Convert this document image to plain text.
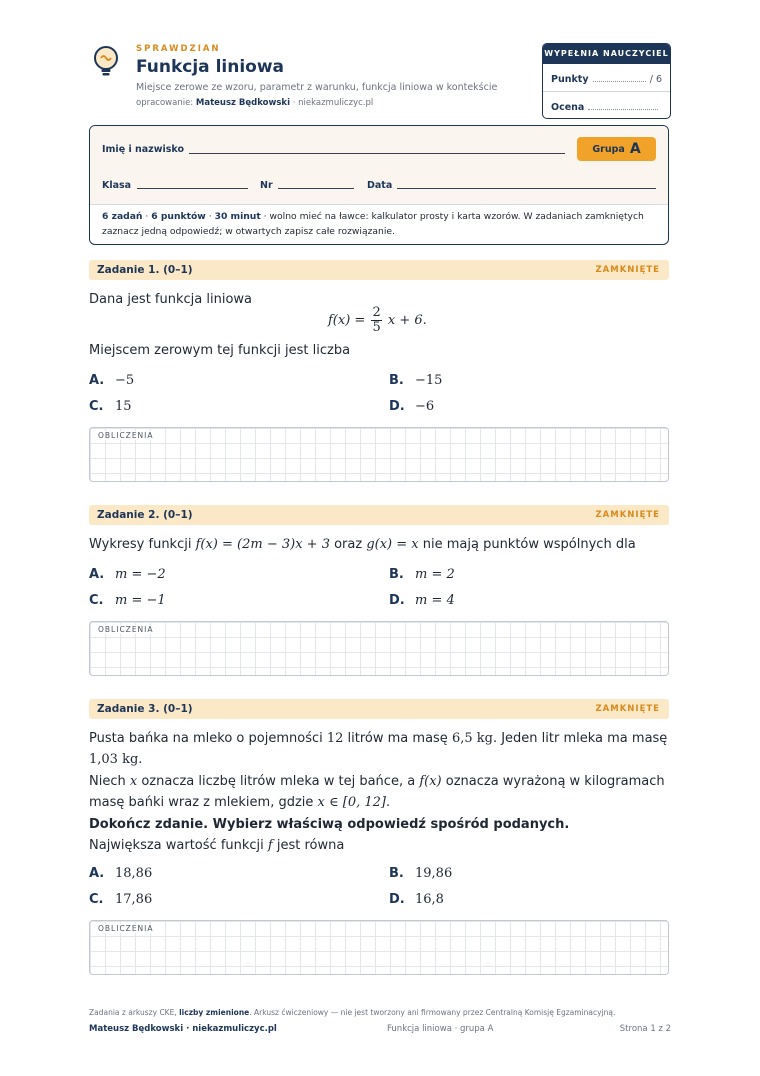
SPRAWDZIAN
Funkcja liniowa
Miejsce zerowe ze wzoru, parametr z warunku, funkcja liniowa w kontekście
opracowanie: Mateusz Będkowski · niekazmuliczyc.pl
WYPEŁNIA NAUCZYCIEL
Punkty	/ 6
Ocena
Imię i nazwisko	Grupa A
Klasa	Nr	Data
6 zadań · 6 punktów · 30 minut · wolno mieć na ławce: kalkulator prosty i karta wzorów. W zadaniach zamkniętych
zaznacz jedną odpowiedź; w otwartych zapisz całe rozwiązanie.
Zadanie 1. (0–1)	ZAMKNIĘTE
Dana jest funkcja liniowa
$f(x) = \frac{2}{5}$ x + 6.
Miejscem zerowym tej funkcji jest liczba
A. −5	B. −15
C. 15	D. −6
OBLICZENIA
Zadanie 2. (0–1)	ZAMKNIĘTE
Wykresy funkcji f(x) = (2m − 3)x + 3 oraz g(x) = x nie mają punktów wspólnych dla
A. m = −2	B. m = 2
C. m = −1	D. m = 4
OBLICZENIA
Zadanie 3. (0–1)	ZAMKNIĘTE
Pusta bańka na mleko o pojemności 12 litrów ma masę 6,5 kg. Jeden litr mleka ma masę
1,03 kg.
Niech x oznacza liczbę litrów mleka w tej bańce, a f(x) oznacza wyrażoną w kilogramach
masę bańki wraz z mlekiem, gdzie x ∈ [0, 12].
Dokończ zdanie. Wybierz właściwą odpowiedź spośród podanych.
Największa wartość funkcji f jest równa
A. 18,86	B. 19,86
C. 17,86	D. 16,8
OBLICZENIA
Zadania z arkuszy CKE, liczby zmienione. Arkusz ćwiczeniowy — nie jest tworzony ani firmowany przez Centralną Komisję Egzaminacyjną.
Mateusz Będkowski · niekazmuliczyc.pl	Funkcja liniowa · grupa A	Strona 1 z 2
